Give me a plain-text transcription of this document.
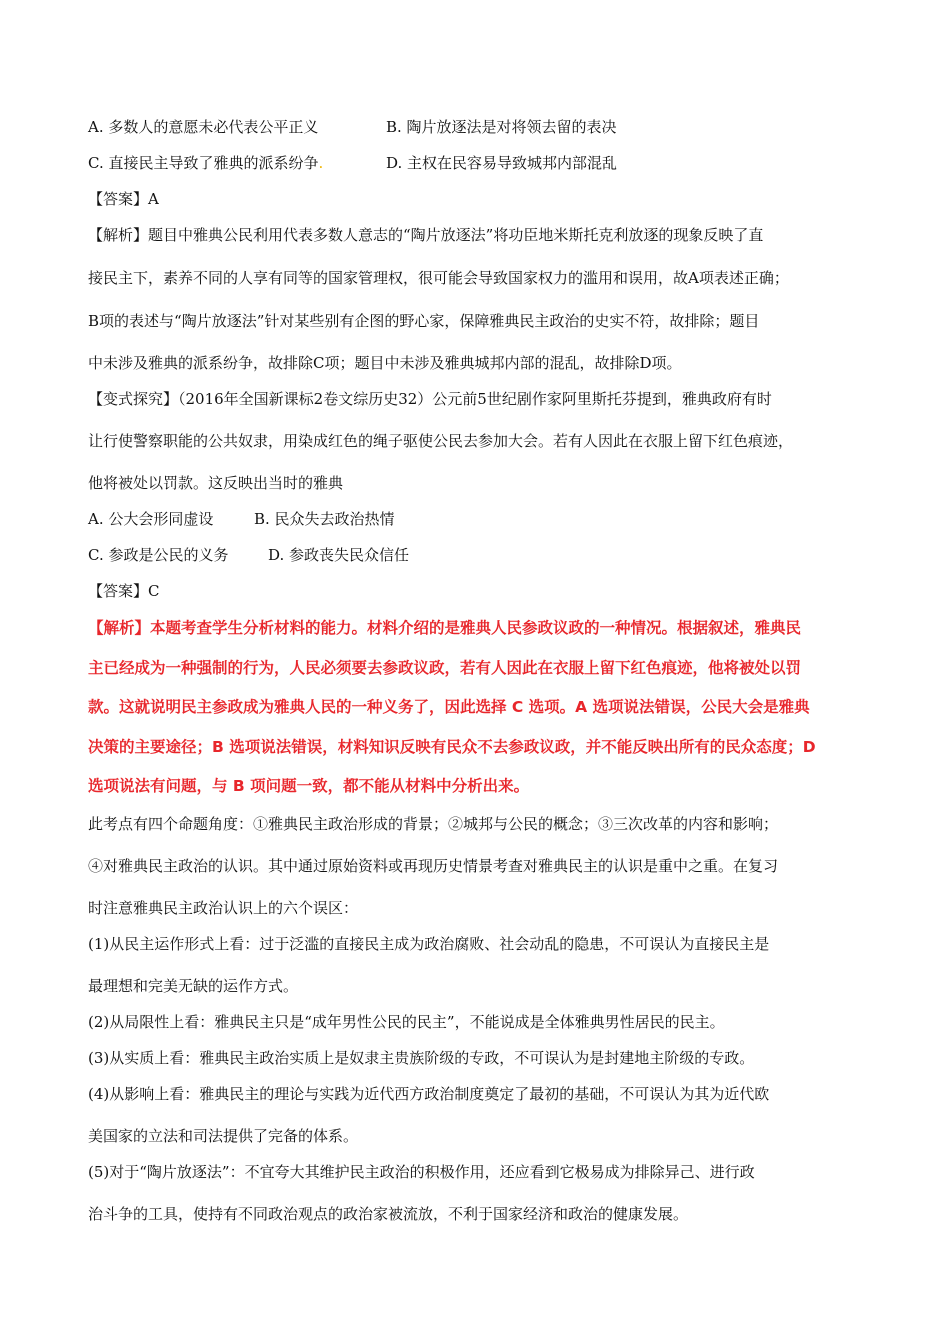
A. 多数人的意愿未必代表公平正义	B. 陶片放逐法是对将领去留的表决
C. 直接民主导致了雅典的派系纷争.	D. 主权在民容易导致城邦内部混乱
【答案】A
【解析】题目中雅典公民利用代表多数人意志的“陶片放逐法”将功臣地米斯托克利放逐的现象反映了直
接民主下，素养不同的人享有同等的国家管理权，很可能会导致国家权力的滥用和误用，故A项表述正确；
B项的表述与“陶片放逐法”针对某些别有企图的野心家，保障雅典民主政治的史实不符，故排除；题目
中未涉及雅典的派系纷争，故排除C项；题目中未涉及雅典城邦内部的混乱，故排除D项。
【变式探究】（2016年全国新课标2卷文综历史32）公元前5世纪剧作家阿里斯托芬提到，雅典政府有时
让行使警察职能的公共奴隶，用染成红色的绳子驱使公民去参加大会。若有人因此在衣服上留下红色痕迹，
他将被处以罚款。这反映出当时的雅典
A. 公大会形同虚设	B. 民众失去政治热情
C. 参政是公民的义务	D. 参政丧失民众信任
【答案】C
【解析】本题考查学生分析材料的能力。材料介绍的是雅典人民参政议政的一种情况。根据叙述，雅典民
主已经成为一种强制的行为，人民必须要去参政议政，若有人因此在衣服上留下红色痕迹，他将被处以罚
款。这就说明民主参政成为雅典人民的一种义务了，因此选择 C 选项。A 选项说法错误，公民大会是雅典
决策的主要途径；B 选项说法错误，材料知识反映有民众不去参政议政，并不能反映出所有的民众态度；D
选项说法有问题，与 B 项问题一致，都不能从材料中分析出来。
此考点有四个命题角度：①雅典民主政治形成的背景；②城邦与公民的概念；③三次改革的内容和影响；
④对雅典民主政治的认识。其中通过原始资料或再现历史情景考查对雅典民主的认识是重中之重。在复习
时注意雅典民主政治认识上的六个误区：
(1)从民主运作形式上看：过于泛滥的直接民主成为政治腐败、社会动乱的隐患，不可误认为直接民主是
最理想和完美无缺的运作方式。
(2)从局限性上看：雅典民主只是“成年男性公民的民主”，不能说成是全体雅典男性居民的民主。
(3)从实质上看：雅典民主政治实质上是奴隶主贵族阶级的专政，不可误认为是封建地主阶级的专政。
(4)从影响上看：雅典民主的理论与实践为近代西方政治制度奠定了最初的基础，不可误认为其为近代欧
美国家的立法和司法提供了完备的体系。
(5)对于“陶片放逐法”：不宜夸大其维护民主政治的积极作用，还应看到它极易成为排除异己、进行政
治斗争的工具，使持有不同政治观点的政治家被流放，不利于国家经济和政治的健康发展。
